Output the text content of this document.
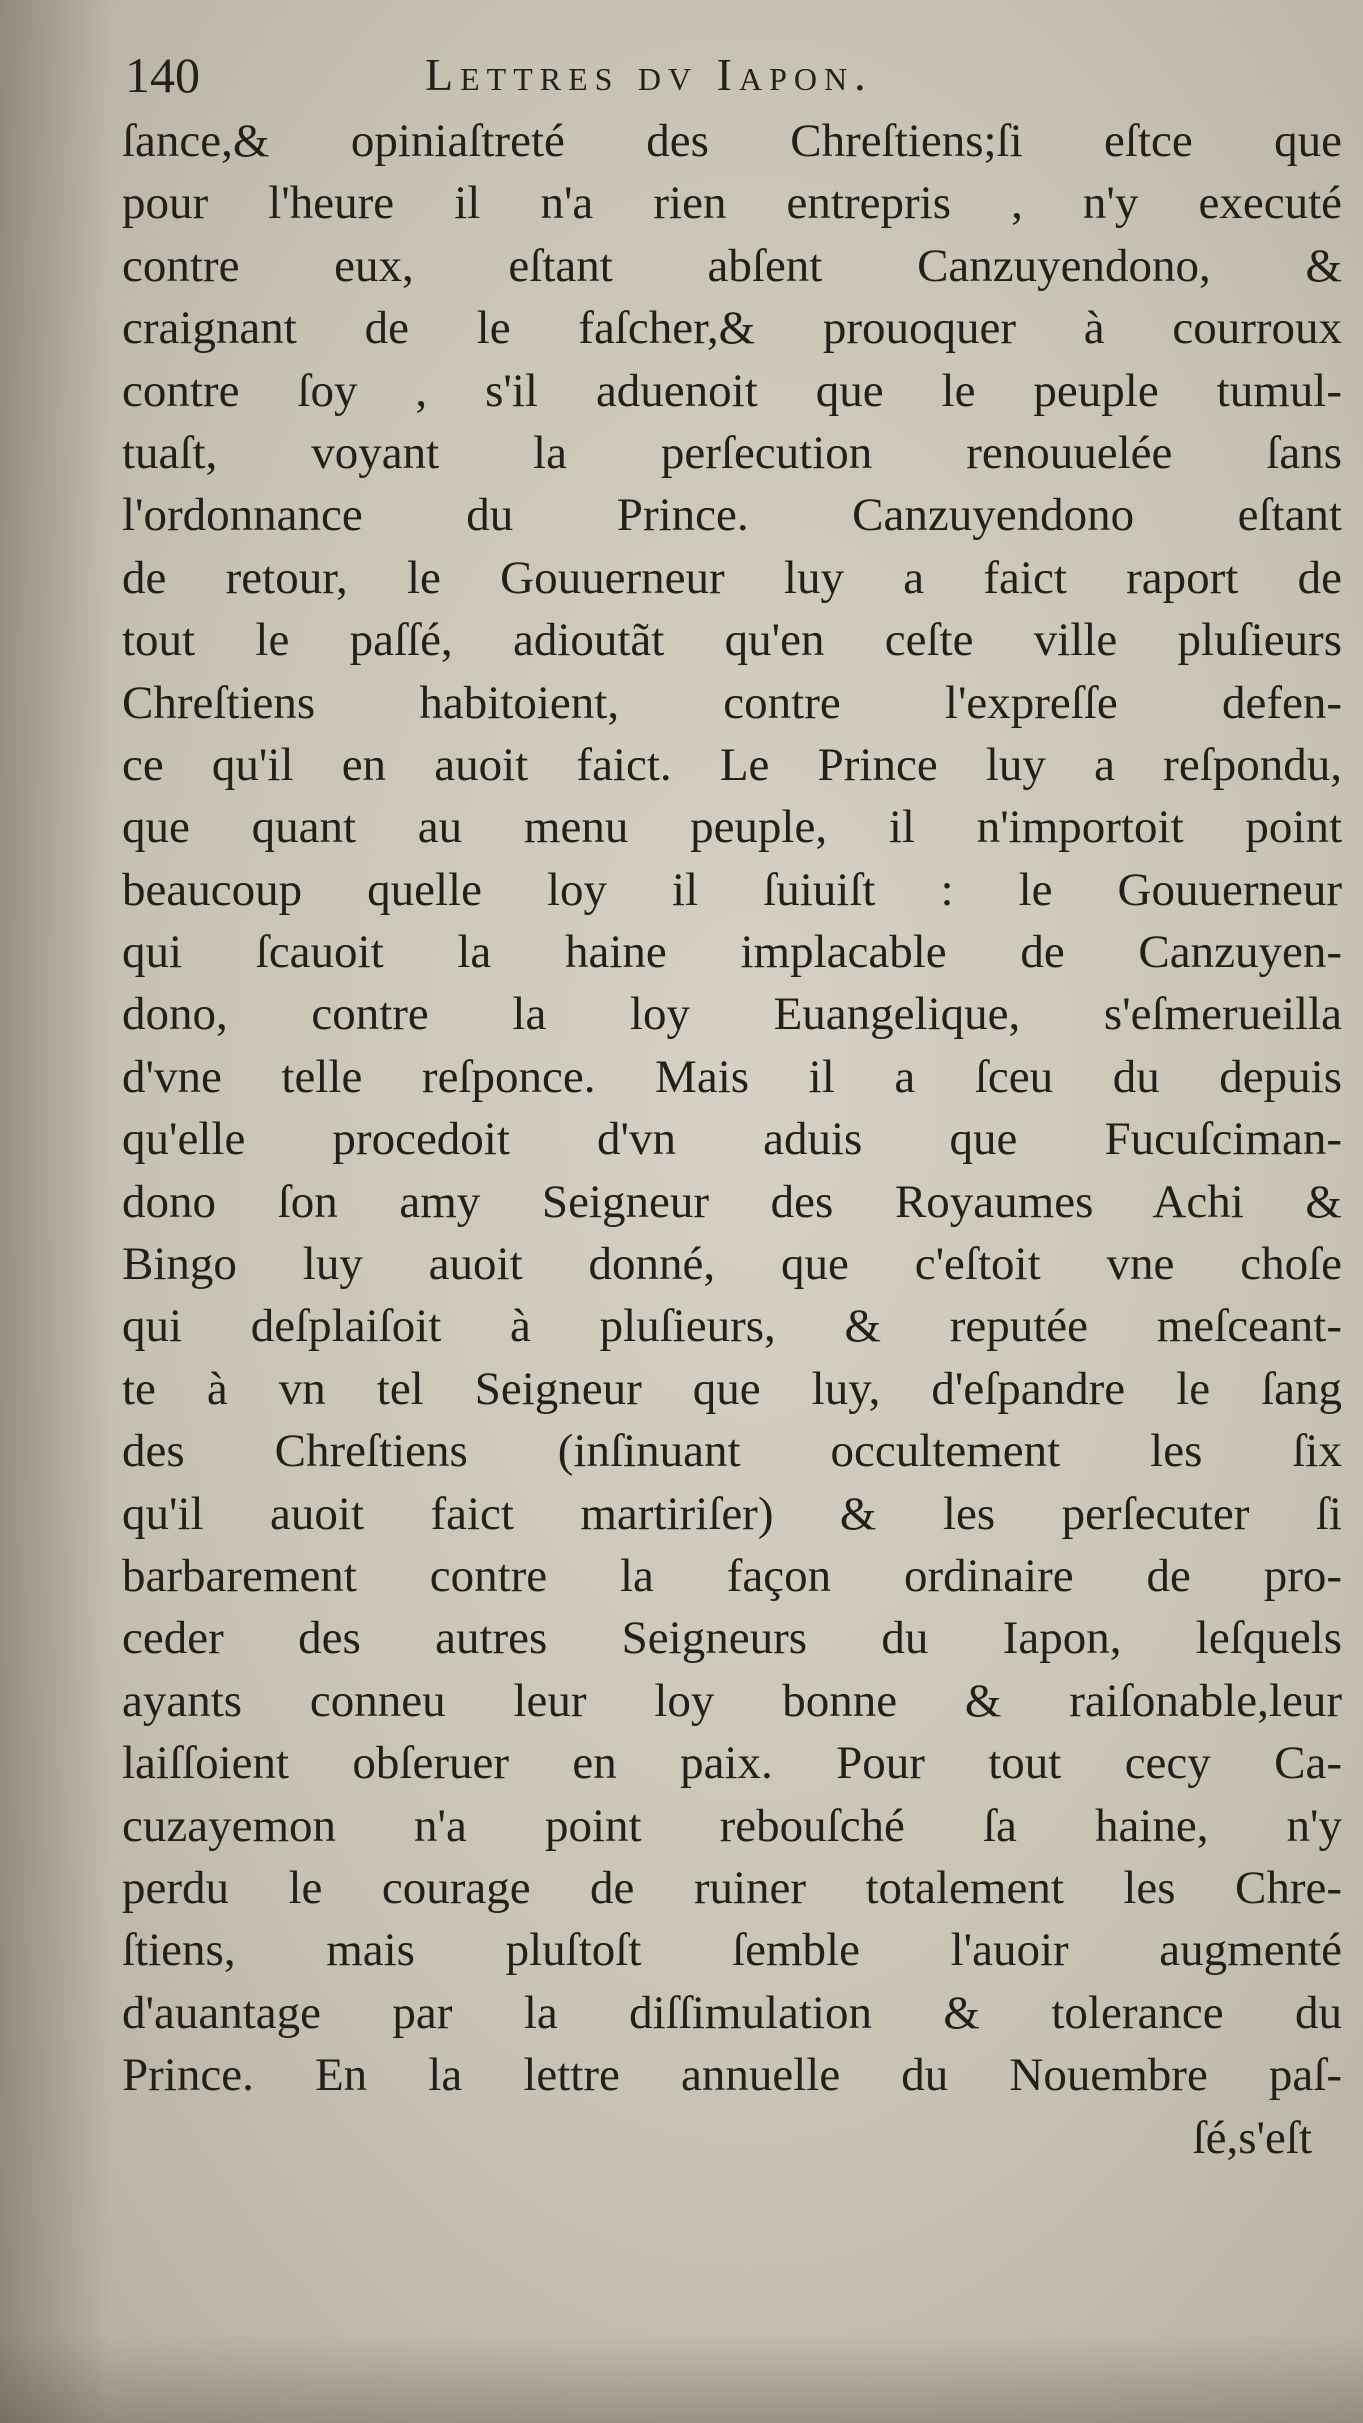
140	Lettres dv Iapon.
ſance,& opiniaſtreté des Chreſtiens;ſi eſtce que
pour l'heure il n'a rien entrepris , n'y executé
contre eux, eſtant abſent Canzuyendono, &
craignant de le faſcher,& prouoquer à courroux
contre ſoy , s'il aduenoit que le peuple tumul-
tuaſt, voyant la perſecution renouuelée ſans
l'ordonnance du Prince. Canzuyendono eſtant
de retour, le Gouuerneur luy a faict raport de
tout le paſſé, adioutãt qu'en ceſte ville pluſieurs
Chreſtiens habitoient, contre l'expreſſe defen-
ce qu'il en auoit faict. Le Prince luy a reſpondu,
que quant au menu peuple, il n'importoit point
beaucoup quelle loy il ſuiuiſt : le Gouuerneur
qui ſcauoit la haine implacable de Canzuyen-
dono, contre la loy Euangelique, s'eſmerueilla
d'vne telle reſponce. Mais il a ſceu du depuis
qu'elle procedoit d'vn aduis que Fucuſciman-
dono ſon amy Seigneur des Royaumes Achi &
Bingo luy auoit donné, que c'eſtoit vne choſe
qui deſplaiſoit à pluſieurs, & reputée meſceant-
te à vn tel Seigneur que luy, d'eſpandre le ſang
des Chreſtiens (inſinuant occultement les ſix
qu'il auoit faict martiriſer) & les perſecuter ſi
barbarement contre la façon ordinaire de pro-
ceder des autres Seigneurs du Iapon, leſquels
ayants conneu leur loy bonne & raiſonable,leur
laiſſoient obſeruer en paix. Pour tout cecy Ca-
cuzayemon n'a point rebouſché ſa haine, n'y
perdu le courage de ruiner totalement les Chre-
ſtiens, mais pluſtoſt ſemble l'auoir augmenté
d'auantage par la diſſimulation & tolerance du
Prince. En la lettre annuelle du Nouembre paſ-
ſé,s'eſt
